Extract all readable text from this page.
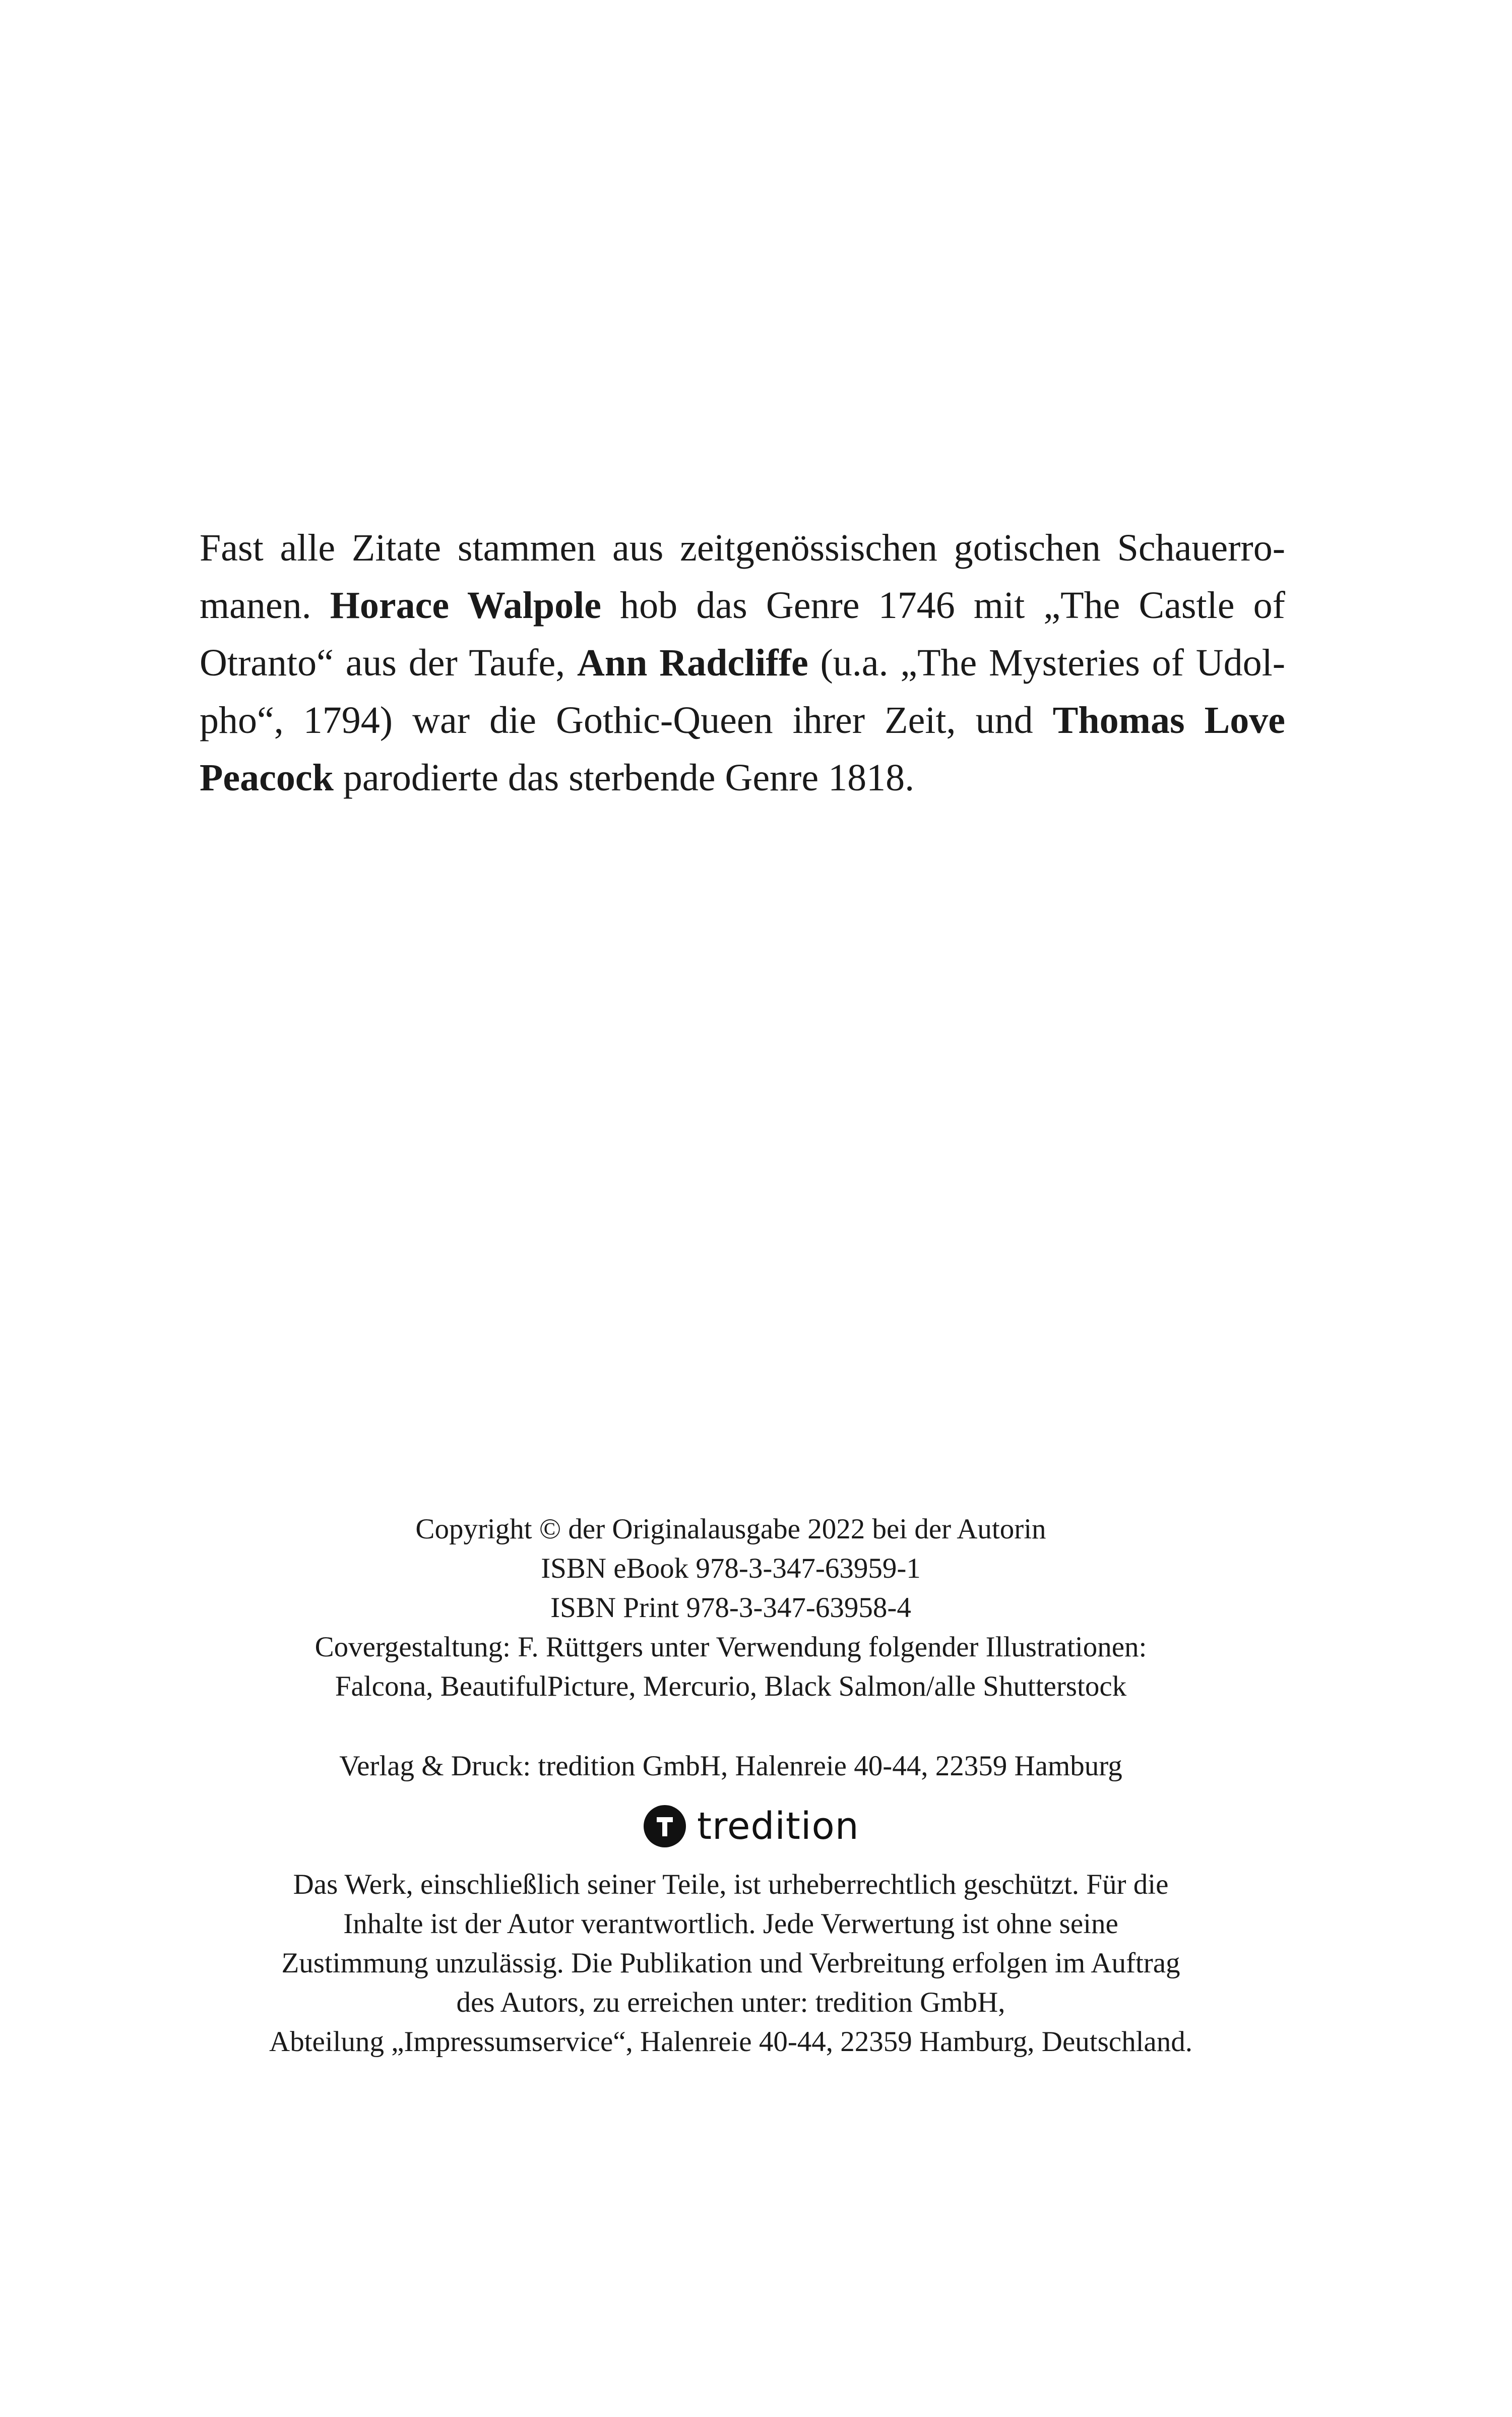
Fast alle Zitate stammen aus zeitgenössischen gotischen Schauerro-
manen. Horace Walpole hob das Genre 1746 mit „The Castle of
Otranto“ aus der Taufe, Ann Radcliffe (u.a. „The Mysteries of Udol-
pho“, 1794) war die Gothic-Queen ihrer Zeit, und Thomas Love
Peacock parodierte das sterbende Genre 1818.
Copyright © der Originalausgabe 2022 bei der Autorin
ISBN eBook 978-3-347-63959-1
ISBN Print 978-3-347-63958-4
Covergestaltung: F. Rüttgers unter Verwendung folgender Illustrationen:
Falcona, BeautifulPicture, Mercurio, Black Salmon/alle Shutterstock
Verlag & Druck: tredition GmbH, Halenreie 40-44, 22359 Hamburg
tredition
Das Werk, einschließlich seiner Teile, ist urheberrechtlich geschützt. Für die
Inhalte ist der Autor verantwortlich. Jede Verwertung ist ohne seine
Zustimmung unzulässig. Die Publikation und Verbreitung erfolgen im Auftrag
des Autors, zu erreichen unter: tredition GmbH,
Abteilung „Impressumservice“, Halenreie 40-44, 22359 Hamburg, Deutschland.
